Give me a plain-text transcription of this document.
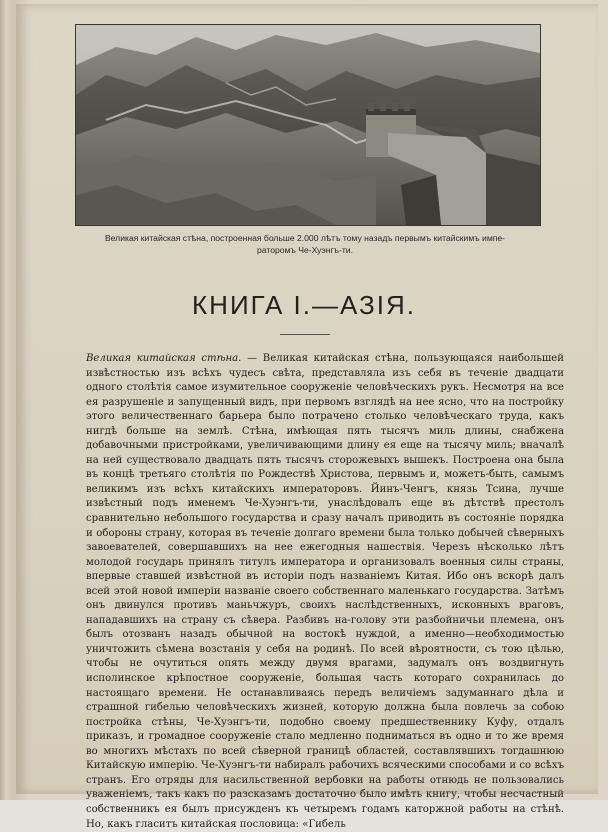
Великая китайская стѣна, построенная больше 2.000 лѣтъ тому назадъ первымъ китайскимъ импе-
раторомъ Че-Хуэнгъ-ти.
КНИГА I.—АЗІЯ.

Великая китайская стѣна. — Великая китайская стѣна, пользующаяся наибольшей извѣстностью изъ всѣхъ чудесъ свѣта, представляла изъ себя въ теченіе двадцати одного столѣтія самое изумительное сооруженіе человѣческихъ рукъ. Несмотря на все ея разрушеніе и запущенный видъ, при первомъ взглядѣ на нее ясно, что на постройку этого величественнаго барьера было потрачено столько человѣческаго труда, какъ нигдѣ больше на землѣ. Стѣна, имѣющая пять тысячъ миль длины, снабжена добавочными пристройками, увеличивающими длину ея еще на тысячу миль; вначалѣ на ней существовало двадцать пять тысячъ сторожевыхъ вышекъ. Построена она была въ концѣ третьяго столѣтія по Рождествѣ Христова, первымъ и, можетъ-быть, самымъ великимъ изъ всѣхъ китайскихъ императоровъ. Йинъ-Ченгъ, князь Тсина, лучше извѣстный подъ именемъ Че-Хуэнгъ-ти, унаслѣдовалъ еще въ дѣтствѣ престолъ сравнительно небольшого государства и сразу началъ приводить въ состояніе порядка и обороны страну, которая въ теченіе долгаго времени была только добычей сѣверныхъ завоевателей, совершавшихъ на нее ежегодныя нашествія. Черезъ нѣсколько лѣтъ молодой государь принялъ титулъ императора и организовалъ военныя силы страны, впервые ставшей извѣстной въ исторіи подъ названіемъ Китая. Ибо онъ вскорѣ далъ всей этой новой имперіи названіе своего собственнаго маленькаго государства. Затѣмъ онъ двинулся противъ маньчжуръ, своихъ наслѣдственныхъ, исконныхъ враговъ, нападавшихъ на страну съ сѣвера. Разбивъ на-голову эти разбойничьи племена, онъ былъ отозванъ назадъ обычной на востокѣ нуждой, а именно—необходимостью уничтожить сѣмена возстанія у себя на родинѣ. По всей вѣроятности, съ тою цѣлью, чтобы не очутиться опять между двумя врагами, задумалъ онъ воздвигнуть исполинское крѣпостное сооруженіе, большая часть котораго сохранилась до настоящаго времени. Не останавливаясь передъ величіемъ задуманнаго дѣла и страшной гибелью человѣческихъ жизней, которую должна была повлечь за собою постройка стѣны, Че-Хуэнгъ-ти, подобно своему предшественнику Куфу, отдалъ приказъ, и громадное сооруженіе стало медленно подниматься въ одно и то же время во многихъ мѣстахъ по всей сѣверной границѣ областей, составлявшихъ тогдашнюю Китайскую имперію. Че-Хуэнгъ-ти набиралъ рабочихъ всяческими способами и со всѣхъ странъ. Его отряды для насильственной вербовки на работы отнюдь не пользовались уваженіемъ, такъ какъ по разсказамъ достаточно было имѣть книгу, чтобы несчастный собственникъ ея былъ присужденъ къ четыремъ годамъ каторжной работы на стѣнѣ. Но, какъ гласитъ китайская пословица: «Гибель
